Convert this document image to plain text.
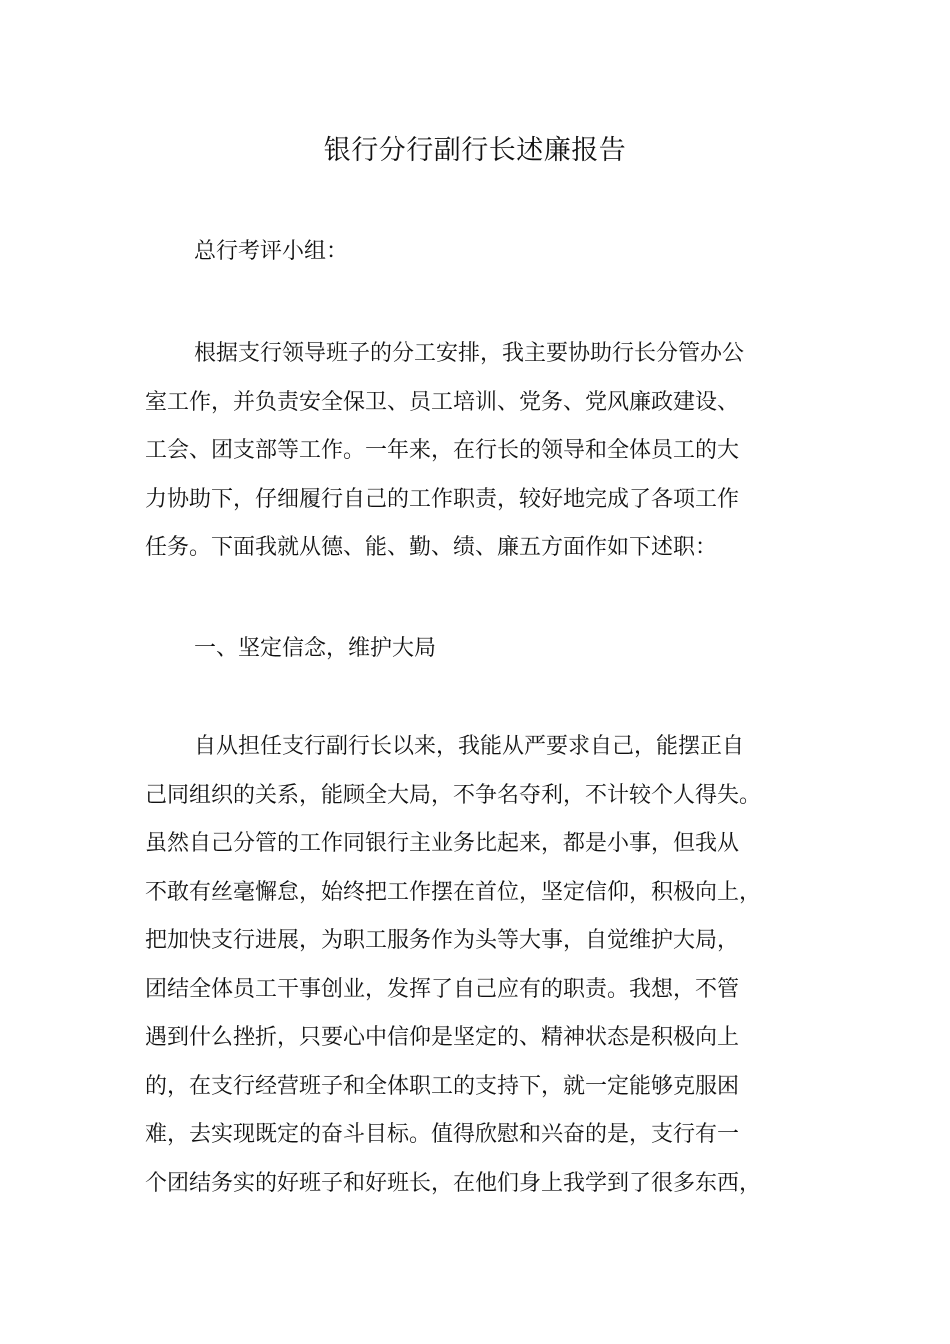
银行分行副行长述廉报告
总行考评小组：
根据支行领导班子的分工安排，我主要协助行长分管办公
室工作，并负责安全保卫、员工培训、党务、党风廉政建设、
工会、团支部等工作。一年来，在行长的领导和全体员工的大
力协助下，仔细履行自己的工作职责，较好地完成了各项工作
任务。下面我就从德、能、勤、绩、廉五方面作如下述职：
一、坚定信念，维护大局
自从担任支行副行长以来，我能从严要求自己，能摆正自
己同组织的关系，能顾全大局，不争名夺利，不计较个人得失。
虽然自己分管的工作同银行主业务比起来，都是小事，但我从
不敢有丝毫懈怠，始终把工作摆在首位，坚定信仰，积极向上，
把加快支行进展，为职工服务作为头等大事，自觉维护大局，
团结全体员工干事创业，发挥了自己应有的职责。我想，不管
遇到什么挫折，只要心中信仰是坚定的、精神状态是积极向上
的，在支行经营班子和全体职工的支持下，就一定能够克服困
难，去实现既定的奋斗目标。值得欣慰和兴奋的是，支行有一
个团结务实的好班子和好班长，在他们身上我学到了很多东西，
